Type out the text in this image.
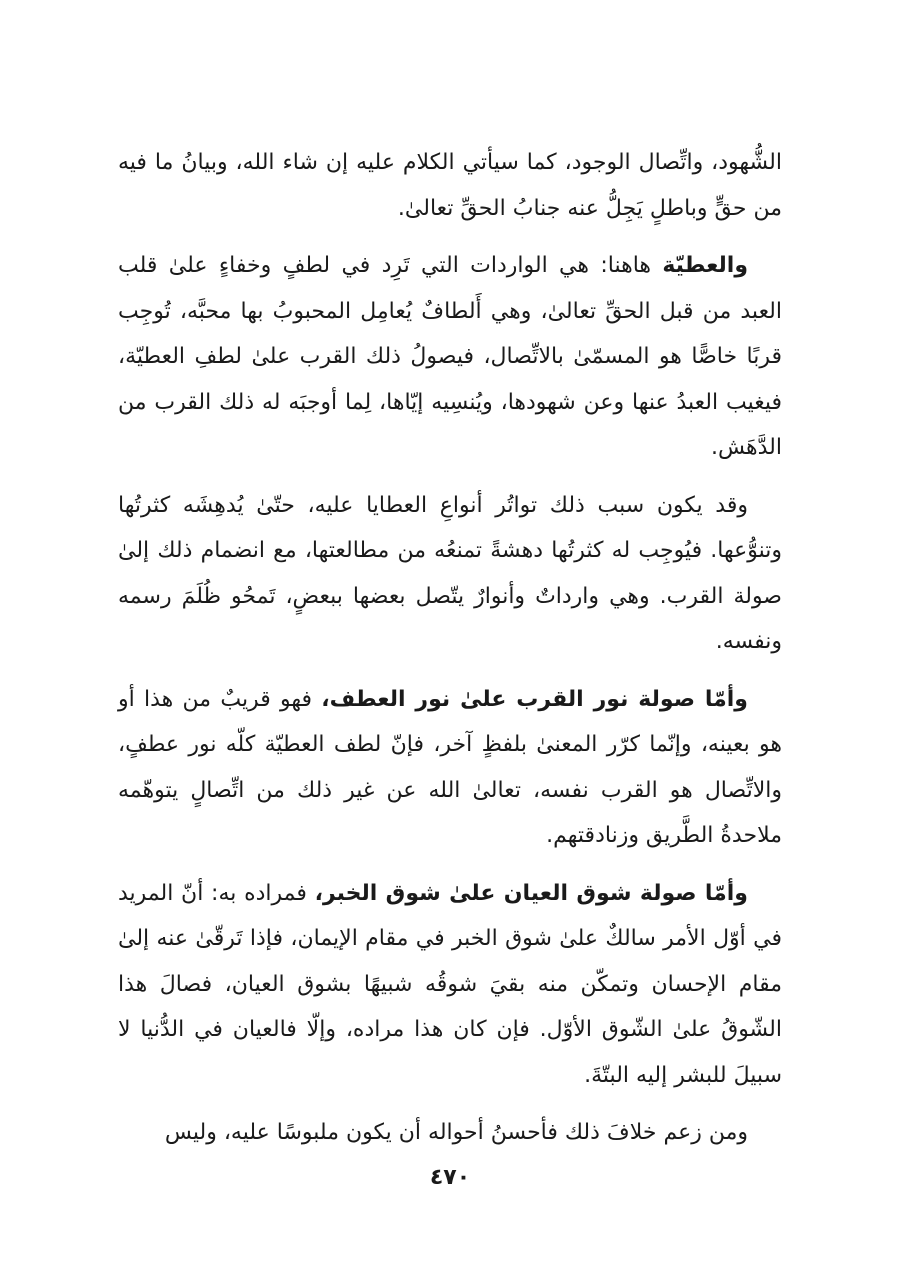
الشُّهود، واتِّصال الوجود، كما سيأتي الكلام عليه إن شاء الله، وبيانُ ما فيه من حقٍّ وباطلٍ يَجِلُّ عنه جنابُ الحقِّ تعالىٰ.

والعطيّة هاهنا: هي الواردات التي تَرِد في لطفٍ وخفاءٍ علىٰ قلب العبد من قبل الحقِّ تعالىٰ، وهي أَلطافٌ يُعامِل المحبوبُ بها محبَّه، تُوجِب قربًا خاصًّا هو المسمّىٰ بالاتِّصال، فيصولُ ذلك القرب علىٰ لطفِ العطيّة، فيغيب العبدُ عنها وعن شهودها، ويُنسِيه إيّاها، لِما أوجبَه له ذلك القرب من الدَّهَش.

وقد يكون سبب ذلك تواتُر أنواعِ العطايا عليه، حتّىٰ يُدهِشَه كثرتُها وتنوُّعها. فيُوجِب له كثرتُها دهشةً تمنعُه من مطالعتها، مع انضمام ذلك إلىٰ صولة القرب. وهي وارداتٌ وأنوارٌ يتّصل بعضها ببعضٍ، تَمحُو ظُلَمَ رسمه ونفسه.

وأمّا صولة نور القرب علىٰ نور العطف، فهو قريبٌ من هذا أو هو بعينه، وإنّما كرّر المعنىٰ بلفظٍ آخر، فإنّ لطف العطيّة كلّه نور عطفٍ، والاتِّصال هو القرب نفسه، تعالىٰ الله عن غير ذلك من اتِّصالٍ يتوهّمه ملاحدةُ الطَّريق وزنادقتهم.

وأمّا صولة شوق العيان علىٰ شوق الخبر، فمراده به: أنّ المريد في أوّل الأمر سالكٌ علىٰ شوق الخبر في مقام الإيمان، فإذا تَرقّىٰ عنه إلىٰ مقام الإحسان وتمكّن منه بقيَ شوقُه شبيهًا بشوق العيان، فصالَ هذا الشّوقُ علىٰ الشّوق الأوّل. فإن كان هذا مراده، وإلّا فالعيان في الدُّنيا لا سبيلَ للبشر إليه البتّةَ.

ومن زعم خلافَ ذلك فأحسنُ أحواله أن يكون ملبوسًا عليه، وليس

٤٧٠
